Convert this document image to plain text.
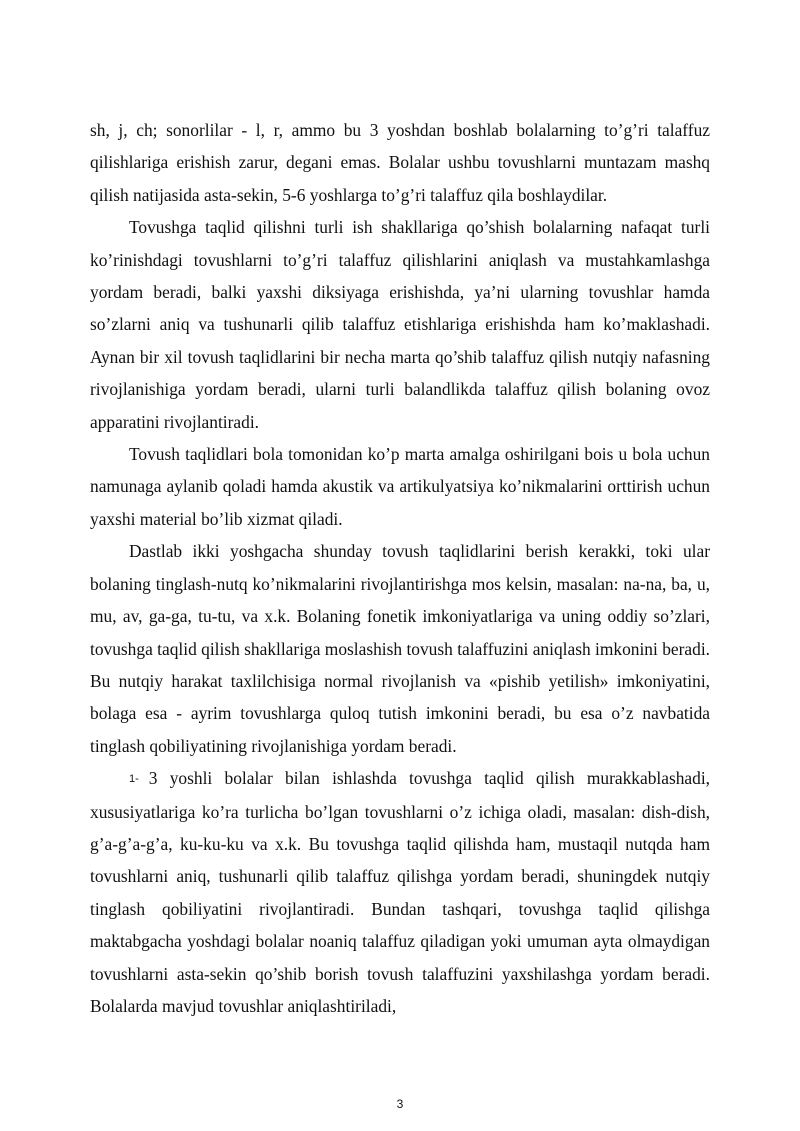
sh, j, ch; sonorlilar - l, r, ammo bu 3 yoshdan boshlab bolalarning to’g’ri talaffuz qilishlariga erishish zarur, degani emas. Bolalar ushbu tovushlarni muntazam mashq qilish natijasida asta-sekin, 5-6 yoshlarga to’g’ri talaffuz qila boshlaydilar.

Tovushga taqlid qilishni turli ish shakllariga qo’shish bolalarning nafaqat turli ko’rinishdagi tovushlarni to’g’ri talaffuz qilishlarini aniqlash va mustahkamlashga yordam beradi, balki yaxshi diksiyaga erishishda, ya’ni ularning tovushlar hamda so’zlarni aniq va tushunarli qilib talaffuz etishlariga erishishda ham ko’maklashadi. Aynan bir xil tovush taqlidlarini bir necha marta qo’shib talaffuz qilish nutqiy nafasning rivojlanishiga yordam beradi, ularni turli balandlikda talaffuz qilish bolaning ovoz apparatini rivojlantiradi.

Tovush taqlidlari bola tomonidan ko’p marta amalga oshirilgani bois u bola uchun namunaga aylanib qoladi hamda akustik va artikulyatsiya ko’nikmalarini orttirish uchun yaxshi material bo’lib xizmat qiladi.

Dastlab ikki yoshgacha shunday tovush taqlidlarini berish kerakki, toki ular bolaning tinglash-nutq ko’nikmalarini rivojlantirishga mos kelsin, masalan: na-na, ba, u, mu, av, ga-ga, tu-tu, va x.k. Bolaning fonetik imkoniyatlariga va uning oddiy so’zlari, tovushga taqlid qilish shakllariga moslashish tovush talaffuzini aniqlash imkonini beradi. Bu nutqiy harakat taxlilchisiga normal rivojlanish va «pishib yetilish» imkoniyatini, bolaga esa - ayrim tovushlarga quloq tutish imkonini beradi, bu esa o’z navbatida tinglash qobiliyatining rivojlanishiga yordam beradi.

1- 3 yoshli bolalar bilan ishlashda tovushga taqlid qilish murakkablashadi, xususiyatlariga ko’ra turlicha bo’lgan tovushlarni o’z ichiga oladi, masalan: dish-dish, g’a-g’a-g’a, ku-ku-ku va x.k. Bu tovushga taqlid qilishda ham, mustaqil nutqda ham tovushlarni aniq, tushunarli qilib talaffuz qilishga yordam beradi, shuningdek nutqiy tinglash qobiliyatini rivojlantiradi. Bundan tashqari, tovushga taqlid qilishga maktabgacha yoshdagi bolalar noaniq talaffuz qiladigan yoki umuman ayta olmaydigan tovushlarni asta-sekin qo’shib borish tovush talaffuzini yaxshilashga yordam beradi. Bolalarda mavjud tovushlar aniqlashtiriladi,

3
